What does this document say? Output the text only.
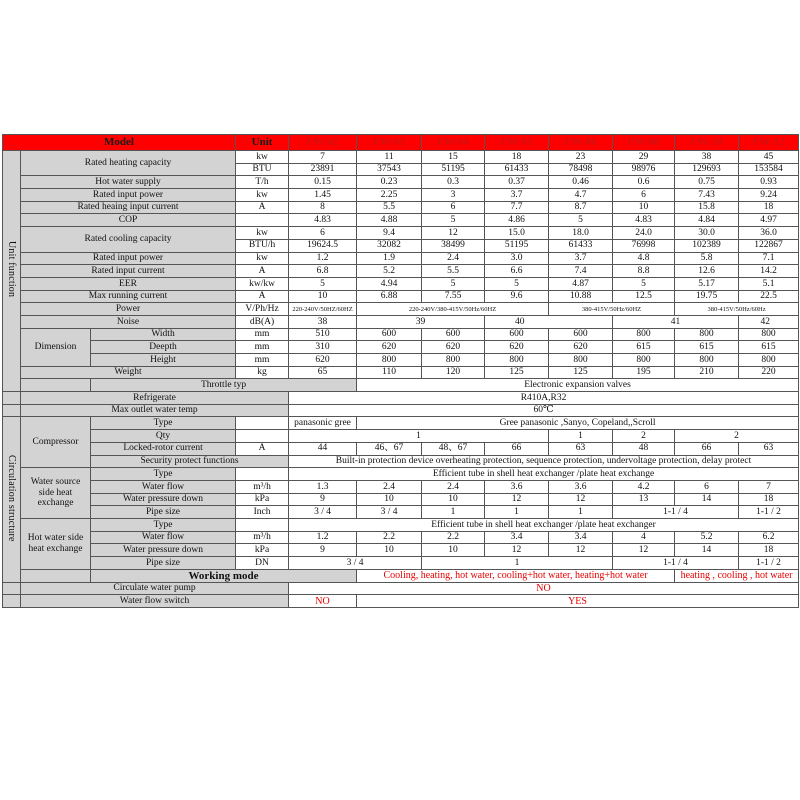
Model			Unit	FW-02	FW-03	FW-04	FW-05	FW-06	FW-08	FW-10	FW-12
Unit function	Rated heating capacity		kw	7	11	15	18	23	29	38	45
			BTU	23891	37543	51195	61433	78498	98976	129693	153584
	Hot water supply		T/h	0.15	0.23	0.3	0.37	0.46	0.6	0.75	0.93
	Rated input power		kw	1.45	2.25	3	3.7	4.7	6	7.43	9.24
	Rated heaing input current		A	8	5.5	6	7.7	8.7	10	15.8	18
	COP			4.83	4.88	5	4.86	5	4.83	4.84	4.97
	Rated cooling capacity		kw	6	9.4	12	15.0	18.0	24.0	30.0	36.0
			BTU/h	19624.5	32082	38499	51195	61433	76998	102389	122867
	Rated input power		kw	1.2	1.9	2.4	3.0	3.7	4.8	5.8	7.1
	Rated input current		A	6.8	5.2	5.5	6.6	7.4	8.8	12.6	14.2
	EER		kw/kw	5	4.94	5	5	4.87	5	5.17	5.1
	Max running current		A	10	6.88	7.55	9.6	10.88	12.5	19.75	22.5
	Power		V/Ph/Hz	220-240V/50HZ/60HZ	220-240V/380-415V/50Hz/60HZ			380-415V/50Hz/60HZ		380-415V/50Hz/60Hz	
	Noise		dB(A)	38	39		40		41		42
	Dimension	Width	mm	510	600	600	600	600	800	800	800
		Deepth	mm	310	620	620	620	620	615	615	615
		Height	mm	620	800	800	800	800	800	800	800
	Weight		kg	65	110	120	125	125	195	210	220
		Throttle typ			Electronic expansion valves						
	Refrigerate			R410A,R32							
	Max outlet water temp			60℃							
Circulation structure	Compressor	Type		panasonic gree	Gree panasonic ,Sanyo, Copeland,,Scroll						
		Qty		1				1	2	2	
		Locked-rotor current	A	44	46、67	48、67	66	63	48	66	63
		Security protect functions		Built-in protection device overheating protection, sequence protection, undervoltage protection, delay protect							
	Water source
side heat
exchange	Type		Efficient tube in shell heat exchanger /plate heat exchange							
		Water flow	m³/h	1.3	2.4	2.4	3.6	3.6	4.2	6	7
		Water pressure down	kPa	9	10	10	12	12	13	14	18
		Pipe size	Inch	3 / 4	3 / 4	1	1	1	1-1 / 4		1-1 / 2
	Hot water side
heat exchange	Type		Efficient tube in shell heat exchanger /plate heat exchanger							
		Water flow	m³/h	1.2	2.2	2.2	3.4	3.4	4	5.2	6.2
		Water pressure down	kPa	9	10	10	12	12	12	14	18
		Pipe size	DN	3 / 4		1			1-1 / 4		1-1 / 2
		Working mode			Cooling, heating, hot water, cooling+hot water, heating+hot water					heating , cooling , hot water	
	Circulate water pump			NO							
	Water flow switch			NO	YES						
